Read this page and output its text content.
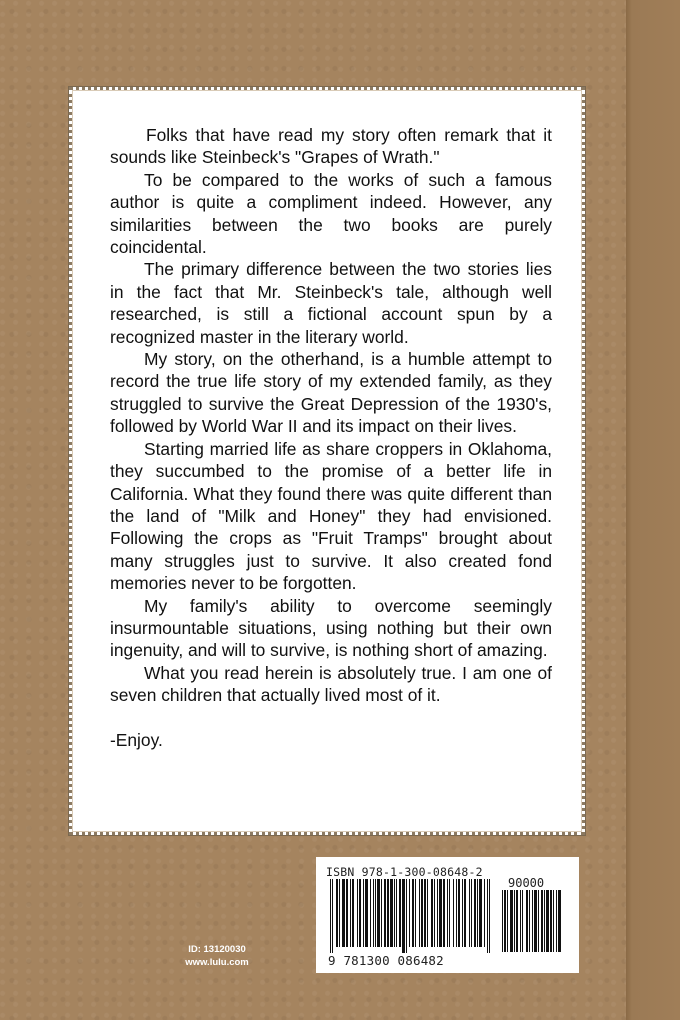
Folks that have read my story often remark that it sounds like Steinbeck's "Grapes of Wrath."

To be compared to the works of such a famous author is quite a compliment indeed. However, any similarities between the two books are purely coincidental.

The primary difference between the two stories lies in the fact that Mr. Steinbeck's tale, although well researched, is still a fictional account spun by a recognized master in the literary world.

My story, on the otherhand, is a humble attempt to record the true life story of my extended family, as they struggled to survive the Great Depression of the 1930's, followed by World War II and its impact on their lives.

Starting married life as share croppers in Oklahoma, they succumbed to the promise of a better life in California. What they found there was quite different than the land of "Milk and Honey" they had envisioned. Following the crops as "Fruit Tramps" brought about many struggles just to survive. It also created fond memories never to be forgotten.

My family's ability to overcome seemingly insurmountable situations, using nothing but their own ingenuity, and will to survive, is nothing short of amazing.

What you read herein is absolutely true. I am one of seven children that actually lived most of it.

-Enjoy.

ID: 13120030
www.lulu.com
ISBN 978-1-300-08648-2
90000
9 781300 086482
